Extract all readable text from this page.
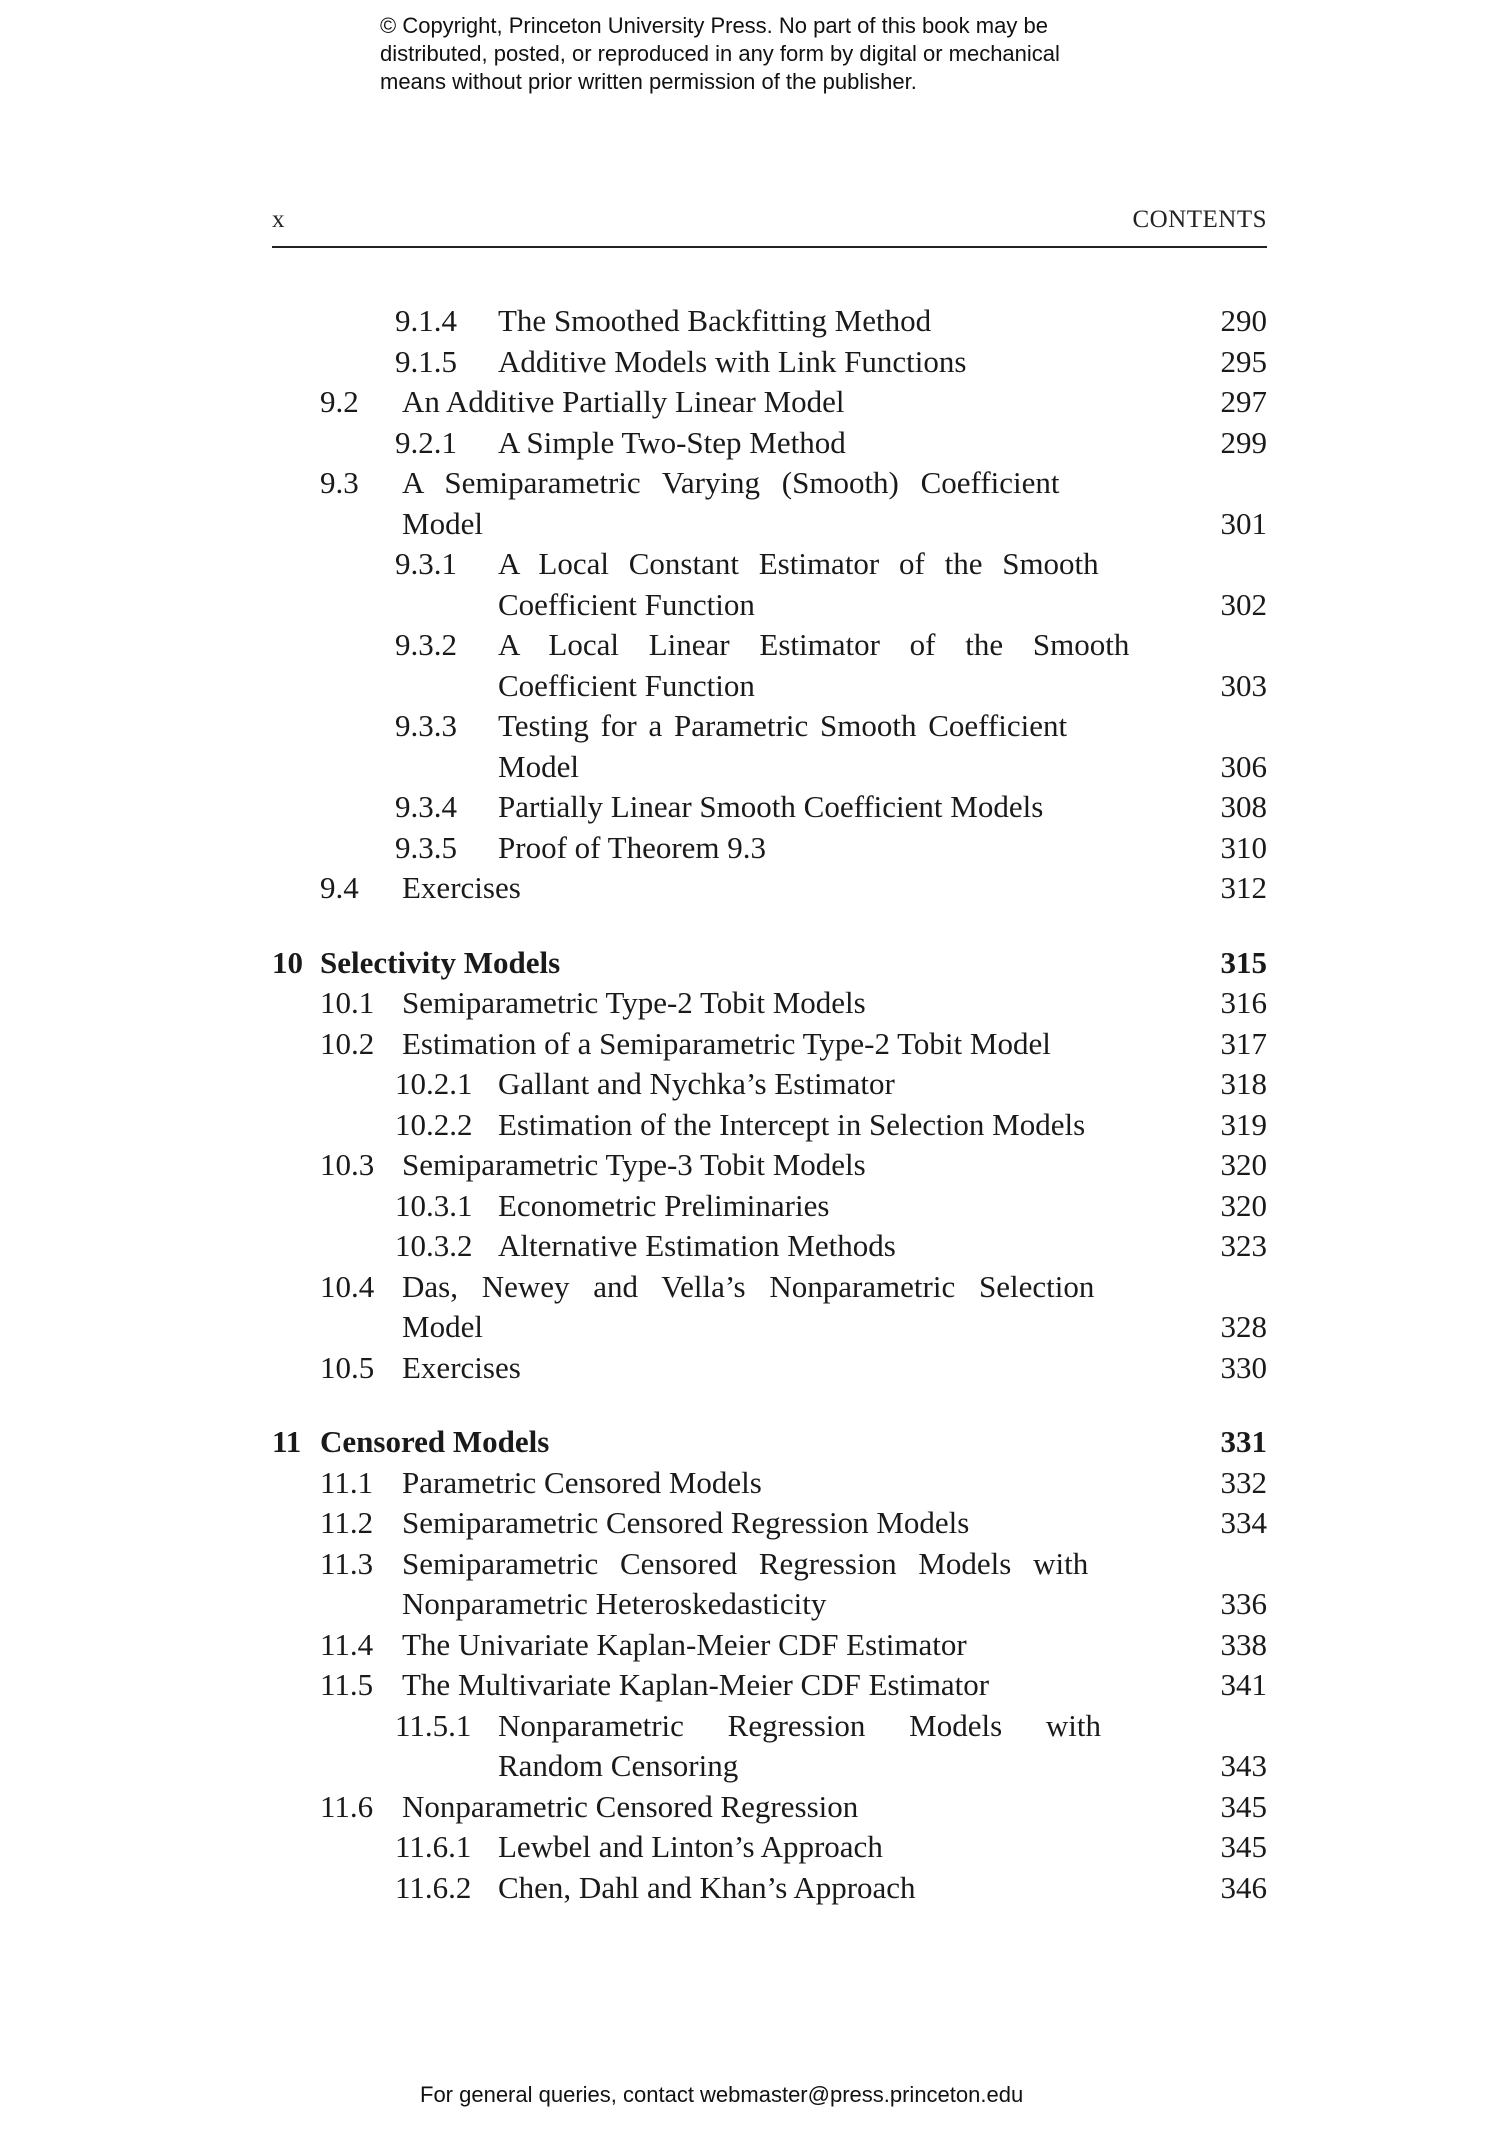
© Copyright, Princeton University Press. No part of this book may be
distributed, posted, or reproduced in any form by digital or mechanical
means without prior written permission of the publisher.
x	CONTENTS
9.1.4 The Smoothed Backfitting Method	290
9.1.5 Additive Models with Link Functions	295
9.2 An Additive Partially Linear Model	297
9.2.1 A Simple Two-Step Method	299
9.3 A Semiparametric Varying (Smooth) Coefficient
Model	301
9.3.1 A Local Constant Estimator of the Smooth
Coefficient Function	302
9.3.2 A Local Linear Estimator of the Smooth
Coefficient Function	303
9.3.3 Testing for a Parametric Smooth Coefficient
Model	306
9.3.4 Partially Linear Smooth Coefficient Models	308
9.3.5 Proof of Theorem 9.3	310
9.4 Exercises	312
10 Selectivity Models	315
10.1 Semiparametric Type-2 Tobit Models	316
10.2 Estimation of a Semiparametric Type-2 Tobit Model	317
10.2.1 Gallant and Nychka’s Estimator	318
10.2.2 Estimation of the Intercept in Selection Models	319
10.3 Semiparametric Type-3 Tobit Models	320
10.3.1 Econometric Preliminaries	320
10.3.2 Alternative Estimation Methods	323
10.4 Das, Newey and Vella’s Nonparametric Selection
Model	328
10.5 Exercises	330
11 Censored Models	331
11.1 Parametric Censored Models	332
11.2 Semiparametric Censored Regression Models	334
11.3 Semiparametric Censored Regression Models with
Nonparametric Heteroskedasticity	336
11.4 The Univariate Kaplan-Meier CDF Estimator	338
11.5 The Multivariate Kaplan-Meier CDF Estimator	341
11.5.1 Nonparametric Regression Models with
Random Censoring	343
11.6 Nonparametric Censored Regression	345
11.6.1 Lewbel and Linton’s Approach	345
11.6.2 Chen, Dahl and Khan’s Approach	346
For general queries, contact webmaster@press.princeton.edu
